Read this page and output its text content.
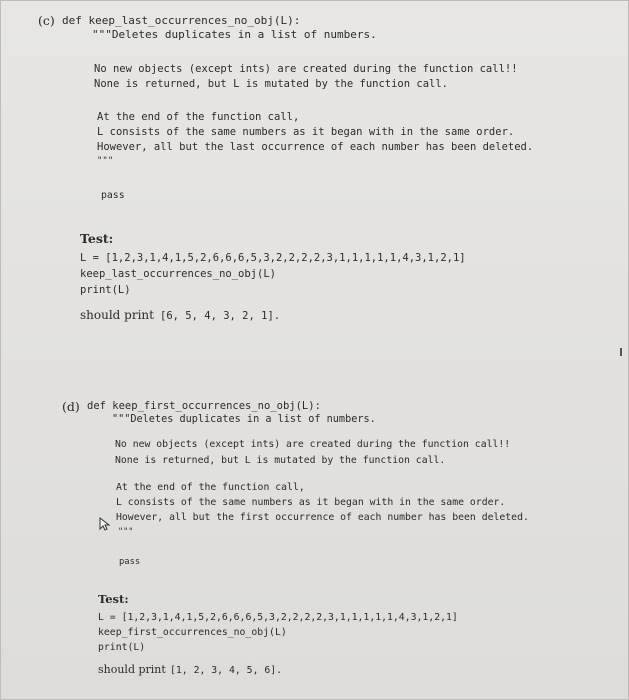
(c) def keep_last_occurrences_no_obj(L):
"""Deletes duplicates in a list of numbers.
No new objects (except ints) are created during the function call!!
None is returned, but L is mutated by the function call.
At the end of the function call,
L consists of the same numbers as it began with in the same order.
However, all but the last occurrence of each number has been deleted.
"""
pass
Test:
L = [1,2,3,1,4,1,5,2,6,6,6,5,3,2,2,2,2,3,1,1,1,1,1,4,3,1,2,1]
keep_last_occurrences_no_obj(L)
print(L)
should print [6, 5, 4, 3, 2, 1].
(d) def keep_first_occurrences_no_obj(L):
"""Deletes duplicates in a list of numbers.
No new objects (except ints) are created during the function call!!
None is returned, but L is mutated by the function call.
At the end of the function call,
L consists of the same numbers as it began with in the same order.
However, all but the first occurrence of each number has been deleted.
"""
pass
Test:
L = [1,2,3,1,4,1,5,2,6,6,6,5,3,2,2,2,2,3,1,1,1,1,1,4,3,1,2,1]
keep_first_occurrences_no_obj(L)
print(L)
should print [1, 2, 3, 4, 5, 6].
